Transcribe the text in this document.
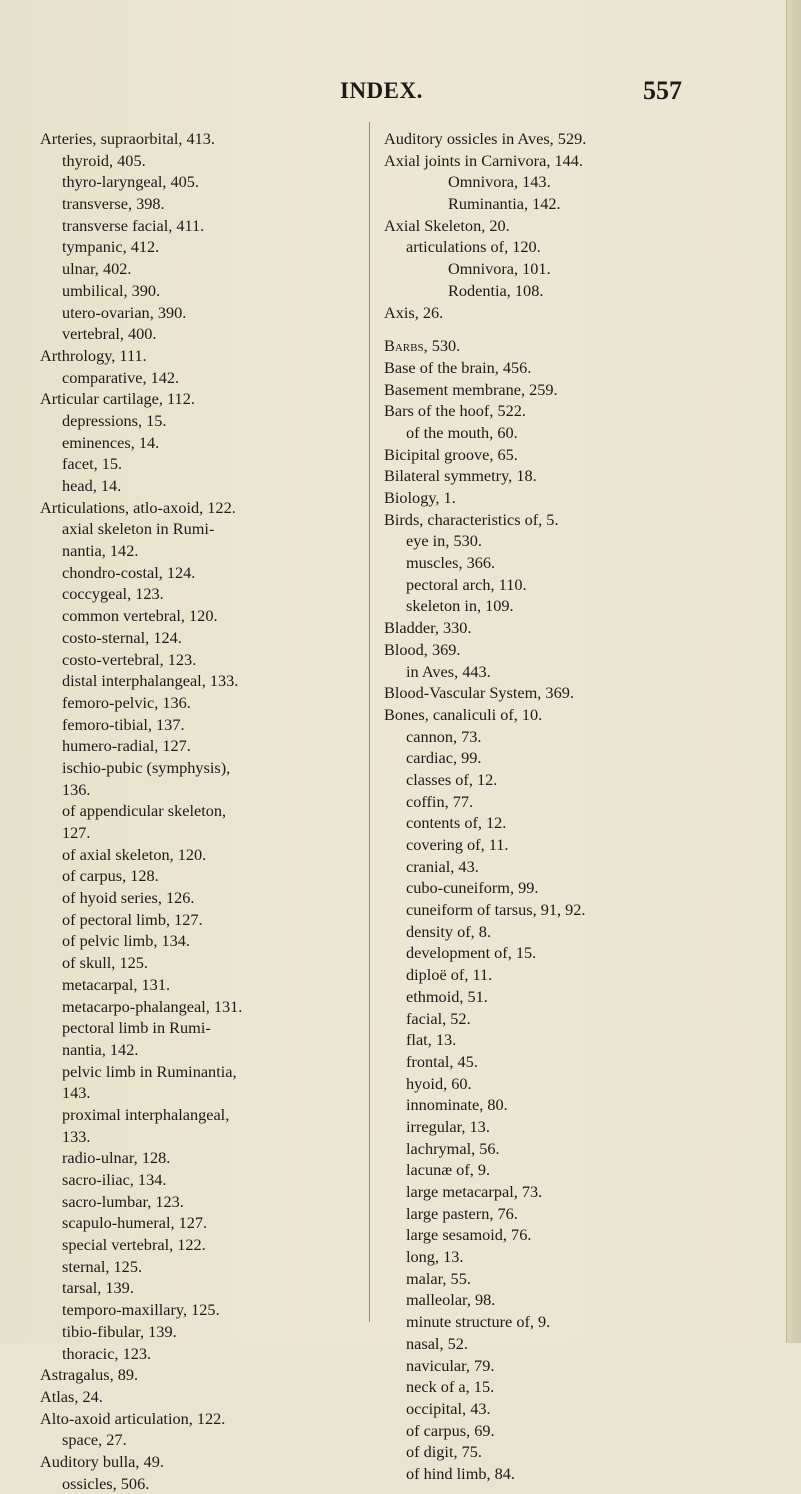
INDEX.	557
Arteries, supraorbital, 413.
thyroid, 405.
thyro-laryngeal, 405.
transverse, 398.
transverse facial, 411.
tympanic, 412.
ulnar, 402.
umbilical, 390.
utero-ovarian, 390.
vertebral, 400.
Arthrology, 111.
comparative, 142.
Articular cartilage, 112.
depressions, 15.
eminences, 14.
facet, 15.
head, 14.
Articulations, atlo-axoid, 122.
axial skeleton in Rumi-
nantia, 142.
chondro-costal, 124.
coccygeal, 123.
common vertebral, 120.
costo-sternal, 124.
costo-vertebral, 123.
distal interphalangeal, 133.
femoro-pelvic, 136.
femoro-tibial, 137.
humero-radial, 127.
ischio-pubic (symphysis),
136.
of appendicular skeleton,
127.
of axial skeleton, 120.
of carpus, 128.
of hyoid series, 126.
of pectoral limb, 127.
of pelvic limb, 134.
of skull, 125.
metacarpal, 131.
metacarpo-phalangeal, 131.
pectoral limb in Rumi-
nantia, 142.
pelvic limb in Ruminantia,
143.
proximal interphalangeal,
133.
radio-ulnar, 128.
sacro-iliac, 134.
sacro-lumbar, 123.
scapulo-humeral, 127.
special vertebral, 122.
sternal, 125.
tarsal, 139.
temporo-maxillary, 125.
tibio-fibular, 139.
thoracic, 123.
Astragalus, 89.
Atlas, 24.
Alto-axoid articulation, 122.
space, 27.
Auditory bulla, 49.
ossicles, 506.
Auditory ossicles in Aves, 529.
Axial joints in Carnivora, 144.
Omnivora, 143.
Ruminantia, 142.
Axial Skeleton, 20.
articulations of, 120.
Omnivora, 101.
Rodentia, 108.
Axis, 26.
Barbs, 530.
Base of the brain, 456.
Basement membrane, 259.
Bars of the hoof, 522.
of the mouth, 60.
Bicipital groove, 65.
Bilateral symmetry, 18.
Biology, 1.
Birds, characteristics of, 5.
eye in, 530.
muscles, 366.
pectoral arch, 110.
skeleton in, 109.
Bladder, 330.
Blood, 369.
in Aves, 443.
Blood-Vascular System, 369.
Bones, canaliculi of, 10.
cannon, 73.
cardiac, 99.
classes of, 12.
coffin, 77.
contents of, 12.
covering of, 11.
cranial, 43.
cubo-cuneiform, 99.
cuneiform of tarsus, 91, 92.
density of, 8.
development of, 15.
diploë of, 11.
ethmoid, 51.
facial, 52.
flat, 13.
frontal, 45.
hyoid, 60.
innominate, 80.
irregular, 13.
lachrymal, 56.
lacunæ of, 9.
large metacarpal, 73.
large pastern, 76.
large sesamoid, 76.
long, 13.
malar, 55.
malleolar, 98.
minute structure of, 9.
nasal, 52.
navicular, 79.
neck of a, 15.
occipital, 43.
of carpus, 69.
of digit, 75.
of hind limb, 84.
